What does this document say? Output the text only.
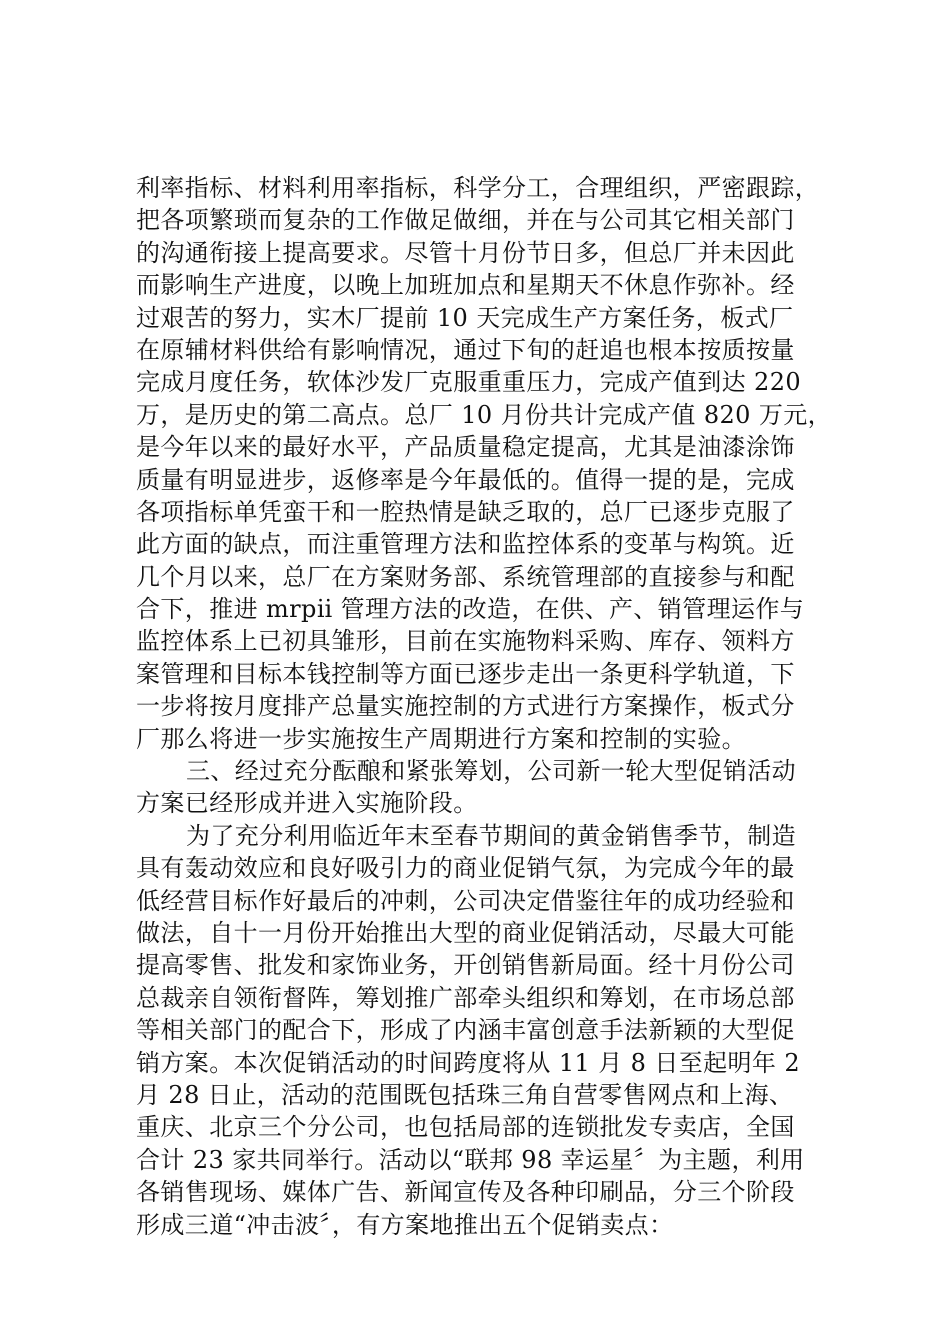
利率指标、材料利用率指标，科学分工，合理组织，严密跟踪，
把各项繁琐而复杂的工作做足做细，并在与公司其它相关部门
的沟通衔接上提高要求。尽管十月份节日多，但总厂并未因此
而影响生产进度，以晚上加班加点和星期天不休息作弥补。经
过艰苦的努力，实木厂提前 10 天完成生产方案任务，板式厂
在原辅材料供给有影响情况，通过下旬的赶追也根本按质按量
完成月度任务，软体沙发厂克服重重压力，完成产值到达 220
万，是历史的第二高点。总厂 10 月份共计完成产值 820 万元，
是今年以来的最好水平，产品质量稳定提高，尤其是油漆涂饰
质量有明显进步，返修率是今年最低的。值得一提的是，完成
各项指标单凭蛮干和一腔热情是缺乏取的，总厂已逐步克服了
此方面的缺点，而注重管理方法和监控体系的变革与构筑。近
几个月以来，总厂在方案财务部、系统管理部的直接参与和配
合下，推进 mrpⅱ 管理方法的改造，在供、产、销管理运作与
监控体系上已初具雏形，目前在实施物料采购、库存、领料方
案管理和目标本钱控制等方面已逐步走出一条更科学轨道，下
一步将按月度排产总量实施控制的方式进行方案操作，板式分
厂那么将进一步实施按生产周期进行方案和控制的实验。
三、经过充分酝酿和紧张筹划，公司新一轮大型促销活动
方案已经形成并进入实施阶段。
为了充分利用临近年末至春节期间的黄金销售季节，制造
具有轰动效应和良好吸引力的商业促销气氛，为完成今年的最
低经营目标作好最后的冲刺，公司决定借鉴往年的成功经验和
做法，自十一月份开始推出大型的商业促销活动，尽最大可能
提高零售、批发和家饰业务，开创销售新局面。经十月份公司
总裁亲自领衔督阵，筹划推广部牵头组织和筹划，在市场总部
等相关部门的配合下，形成了内涵丰富创意手法新颖的大型促
销方案。本次促销活动的时间跨度将从 11 月 8 日至起明年 2
月 28 日止，活动的范围既包括珠三角自营零售网点和上海、
重庆、北京三个分公司，也包括局部的连锁批发专卖店，全国
合计 23 家共同举行。活动以“联邦 98 幸运星〞为主题，利用
各销售现场、媒体广告、新闻宣传及各种印刷品，分三个阶段
形成三道“冲击波〞，有方案地推出五个促销卖点：
